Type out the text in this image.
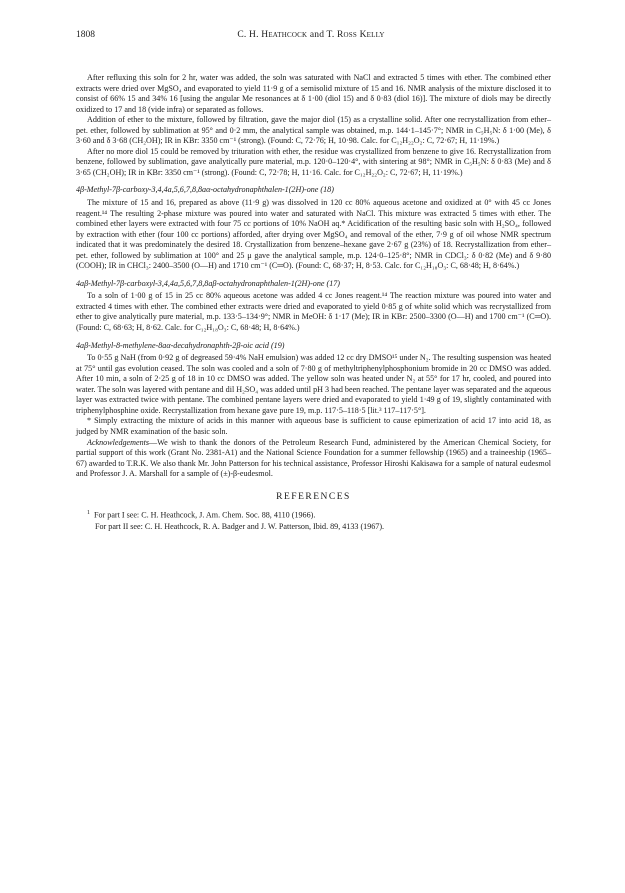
1808	C. H. Heathcock and T. Ross Kelly

After refluxing this soln for 2 hr, water was added, the soln was saturated with NaCl and extracted 5 times with ether. The combined ether extracts were dried over MgSO₄ and evaporated to yield 11·9 g of a semisolid mixture of 15 and 16. NMR analysis of the mixture disclosed it to consist of 66% 15 and 34% 16 [using the angular Me resonances at δ 1·00 (diol 15) and δ 0·83 (diol 16)]. The mixture of diols may be directly oxidized to 17 and 18 (vide infra) or separated as follows.

Addition of ether to the mixture, followed by filtration, gave the major diol (15) as a crystalline solid. After one recrystallization from ether–pet. ether, followed by sublimation at 95° and 0·2 mm, the analytical sample was obtained, m.p. 144·1–145·7°; NMR in C₅H₅N: δ 1·00 (Me), δ 3·60 and δ 3·68 (CH₂OH); IR in KBr: 3350 cm⁻¹ (strong). (Found: C, 72·76; H, 10·98. Calc. for C₁₂H₂₂O₂: C, 72·67; H, 11·19%.)

After no more diol 15 could be removed by trituration with ether, the residue was crystallized from benzene to give 16. Recrystallization from benzene, followed by sublimation, gave analytically pure material, m.p. 120·0–120·4°, with sintering at 98°; NMR in C₅H₅N: δ 0·83 (Me) and δ 3·65 (CH₂OH); IR in KBr: 3350 cm⁻¹ (strong). (Found: C, 72·78; H, 11·16. Calc. for C₁₂H₂₂O₂: C, 72·67; H, 11·19%.)

4β-Methyl-7β-carboxy-3,4,4a,5,6,7,8,8aα-octahydronaphthalen-1(2H)-one (18)

The mixture of 15 and 16, prepared as above (11·9 g) was dissolved in 120 cc 80% aqueous acetone and oxidized at 0° with 45 cc Jones reagent.¹⁴ The resulting 2-phase mixture was poured into water and saturated with NaCl. This mixture was extracted 5 times with ether. The combined ether layers were extracted with four 75 cc portions of 10% NaOH aq.* Acidification of the resulting basic soln with H₂SO₄, followed by extraction with ether (four 100 cc portions) afforded, after drying over MgSO₄ and removal of the ether, 7·9 g of oil whose NMR spectrum indicated that it was predominately the desired 18. Crystallization from benzene–hexane gave 2·67 g (23%) of 18. Recrystallization from ether–pet. ether, followed by sublimation at 100° and 25 μ gave the analytical sample, m.p. 124·0–125·8°; NMR in CDCl₃: δ 0·82 (Me) and δ 9·80 (COOH); IR in CHCl₃: 2400–3500 (O—H) and 1710 cm⁻¹ (C═O). (Found: C, 68·37; H, 8·53. Calc. for C₁₂H₁₈O₃: C, 68·48; H, 8·64%.)

4aβ-Methyl-7β-carboxyl-3,4,4a,5,6,7,8,8aβ-octahydronaphthalen-1(2H)-one (17)

To a soln of 1·00 g of 15 in 25 cc 80% aqueous acetone was added 4 cc Jones reagent.¹⁴ The reaction mixture was poured into water and extracted 4 times with ether. The combined ether extracts were dried and evaporated to yield 0·85 g of white solid which was recrystallized from ether to give analytically pure material, m.p. 133·5–134·9°; NMR in MeOH: δ 1·17 (Me); IR in KBr: 2500–3300 (O—H) and 1700 cm⁻¹ (C═O). (Found: C, 68·63; H, 8·62. Calc. for C₁₂H₁₈O₃: C, 68·48; H, 8·64%.)

4aβ-Methyl-8-methylene-8aα-decahydronaphth-2β-oic acid (19)

To 0·55 g NaH (from 0·92 g of degreased 59·4% NaH emulsion) was added 12 cc dry DMSO¹⁵ under N₂. The resulting suspension was heated at 75° until gas evolution ceased. The soln was cooled and a soln of 7·80 g of methyltriphenylphosphonium bromide in 20 cc DMSO was added. After 10 min, a soln of 2·25 g of 18 in 10 cc DMSO was added. The yellow soln was heated under N₂ at 55° for 17 hr, cooled, and poured into water. The soln was layered with pentane and dil H₂SO₄ was added until pH 3 had been reached. The pentane layer was separated and the aqueous layer was extracted twice with pentane. The combined pentane layers were dried and evaporated to yield 1·49 g of 19, slightly contaminated with triphenylphosphine oxide. Recrystallization from hexane gave pure 19, m.p. 117·5–118·5 [lit.³ 117–117·5°].

* Simply extracting the mixture of acids in this manner with aqueous base is sufficient to cause epimerization of acid 17 into acid 18, as judged by NMR examination of the basic soln.

Acknowledgements—We wish to thank the donors of the Petroleum Research Fund, administered by the American Chemical Society, for partial support of this work (Grant No. 2381-A1) and the National Science Foundation for a summer fellowship (1965) and a traineeship (1965–67) awarded to T.R.K. We also thank Mr. John Patterson for his technical assistance, Professor Hiroshi Kakisawa for a sample of natural eudesmol and Professor J. A. Marshall for a sample of (±)-β-eudesmol.

REFERENCES

$^1$ For part I see: C. H. Heathcock, J. Am. Chem. Soc. 88, 4110 (1966).

For part II see: C. H. Heathcock, R. A. Badger and J. W. Patterson, Ibid. 89, 4133 (1967).
